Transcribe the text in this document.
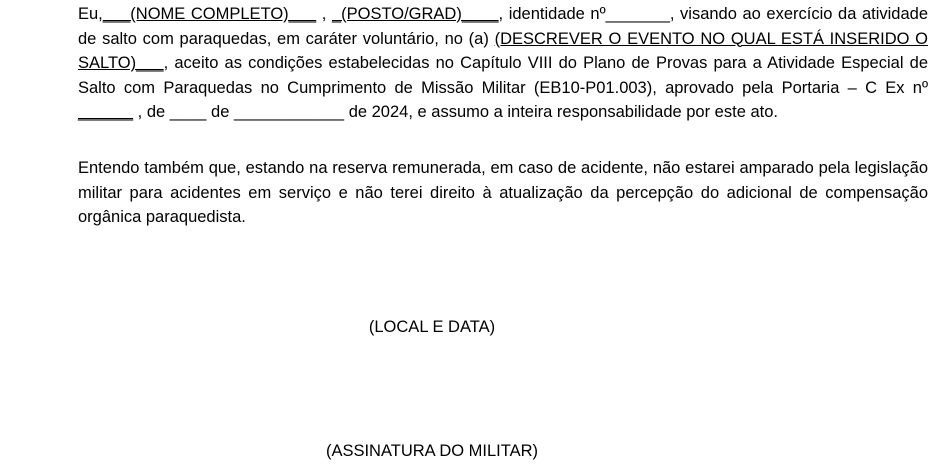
Eu,___(NOME COMPLETO)___ , _(POSTO/GRAD)____, identidade nº_______, visando ao exercício da atividade de salto com paraquedas, em caráter voluntário, no (a) (DESCREVER O EVENTO NO QUAL ESTÁ INSERIDO O SALTO)___, aceito as condições estabelecidas no Capítulo VIII do Plano de Provas para a Atividade Especial de Salto com Paraquedas no Cumprimento de Missão Militar (EB10-P01.003), aprovado pela Portaria – C Ex nº ______ , de ____ de ____________ de 2024, e assumo a inteira responsabilidade por este ato.

Entendo também que, estando na reserva remunerada, em caso de acidente, não estarei amparado pela legislação militar para acidentes em serviço e não terei direito à atualização da percepção do adicional de compensação orgânica paraquedista.

(LOCAL E DATA)
(ASSINATURA DO MILITAR)
